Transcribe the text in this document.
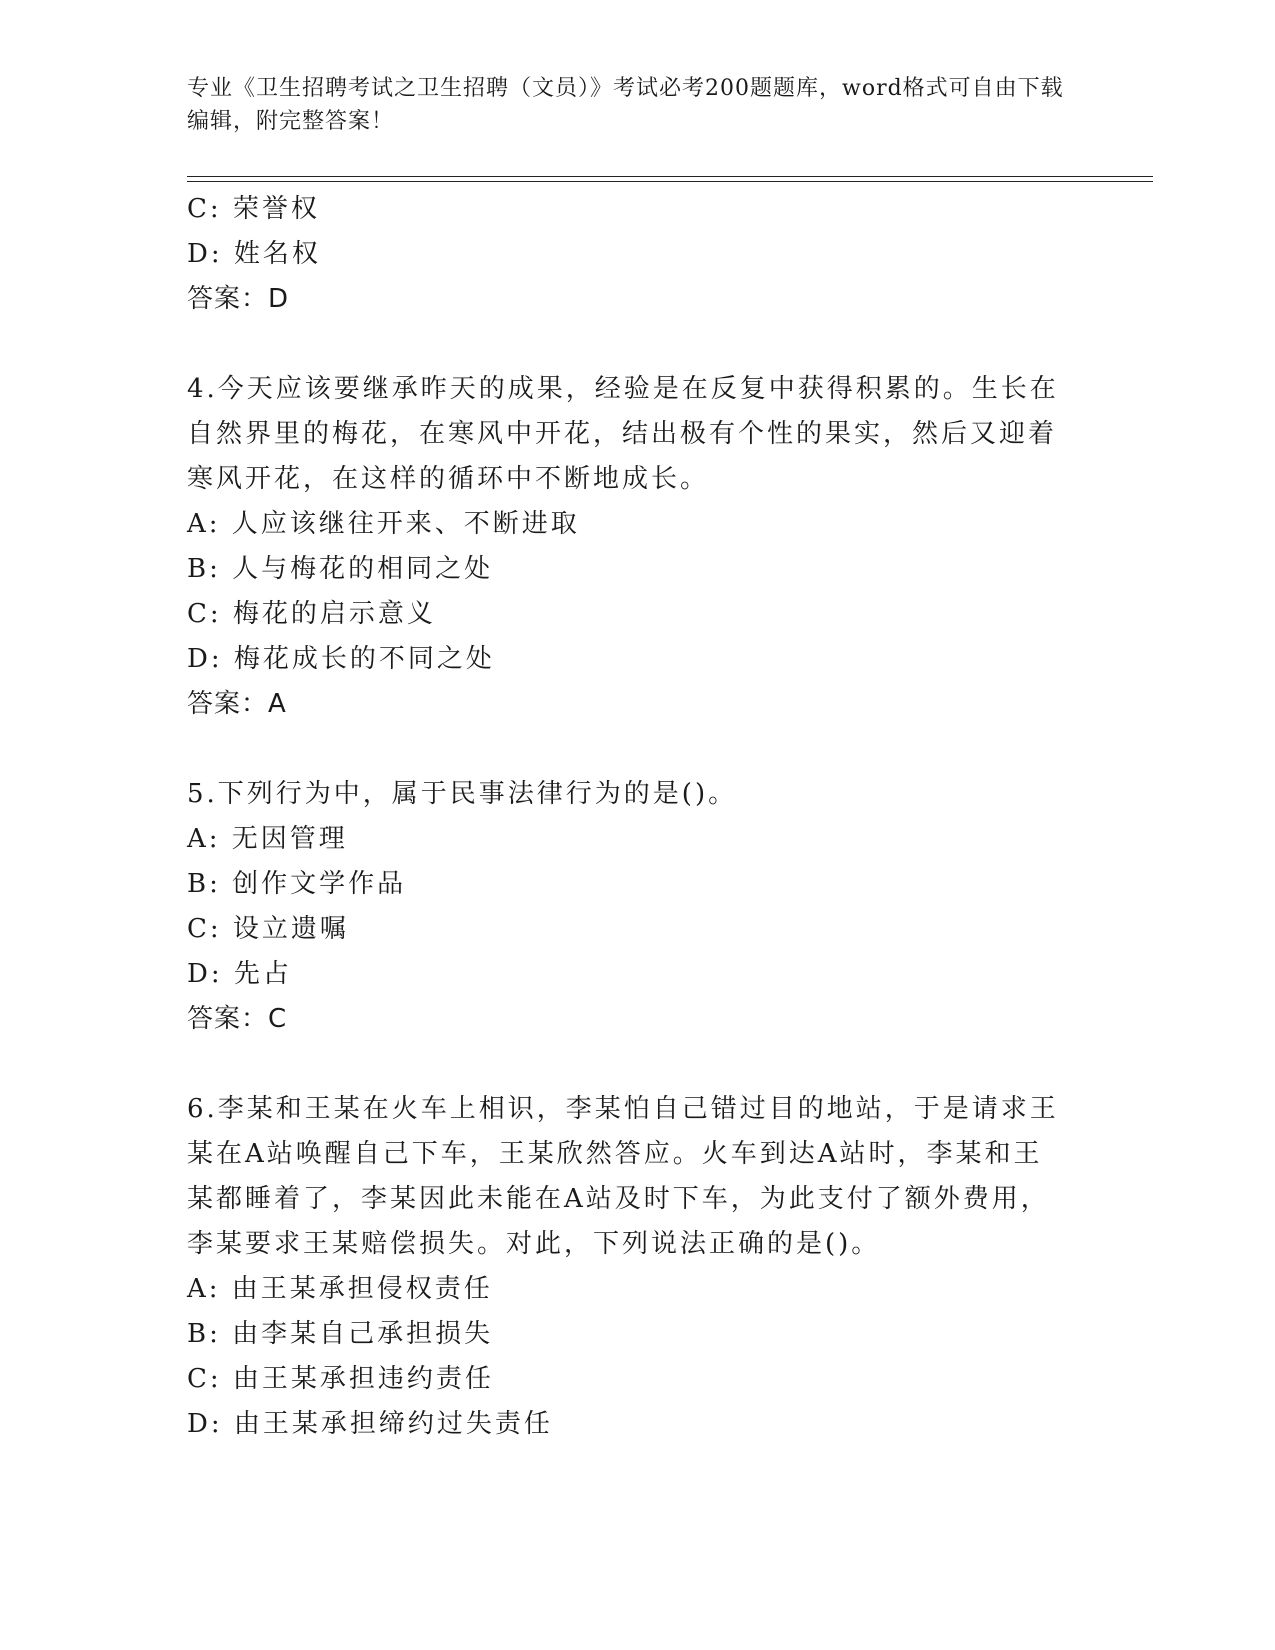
专业《卫生招聘考试之卫生招聘（文员）》考试必考200题题库，word格式可自由下载编辑，附完整答案！
C: 荣誉权
D: 姓名权
答案：D
4.今天应该要继承昨天的成果，经验是在反复中获得积累的。生长在
自然界里的梅花，在寒风中开花，结出极有个性的果实，然后又迎着
寒风开花，在这样的循环中不断地成长。
A: 人应该继往开来、不断进取
B: 人与梅花的相同之处
C: 梅花的启示意义
D: 梅花成长的不同之处
答案：A
5.下列行为中，属于民事法律行为的是()。
A: 无因管理
B: 创作文学作品
C: 设立遗嘱
D: 先占
答案：C
6.李某和王某在火车上相识，李某怕自己错过目的地站，于是请求王
某在A站唤醒自己下车，王某欣然答应。火车到达A站时，李某和王
某都睡着了，李某因此未能在A站及时下车，为此支付了额外费用，
李某要求王某赔偿损失。对此，下列说法正确的是()。
A: 由王某承担侵权责任
B: 由李某自己承担损失
C: 由王某承担违约责任
D: 由王某承担缔约过失责任
